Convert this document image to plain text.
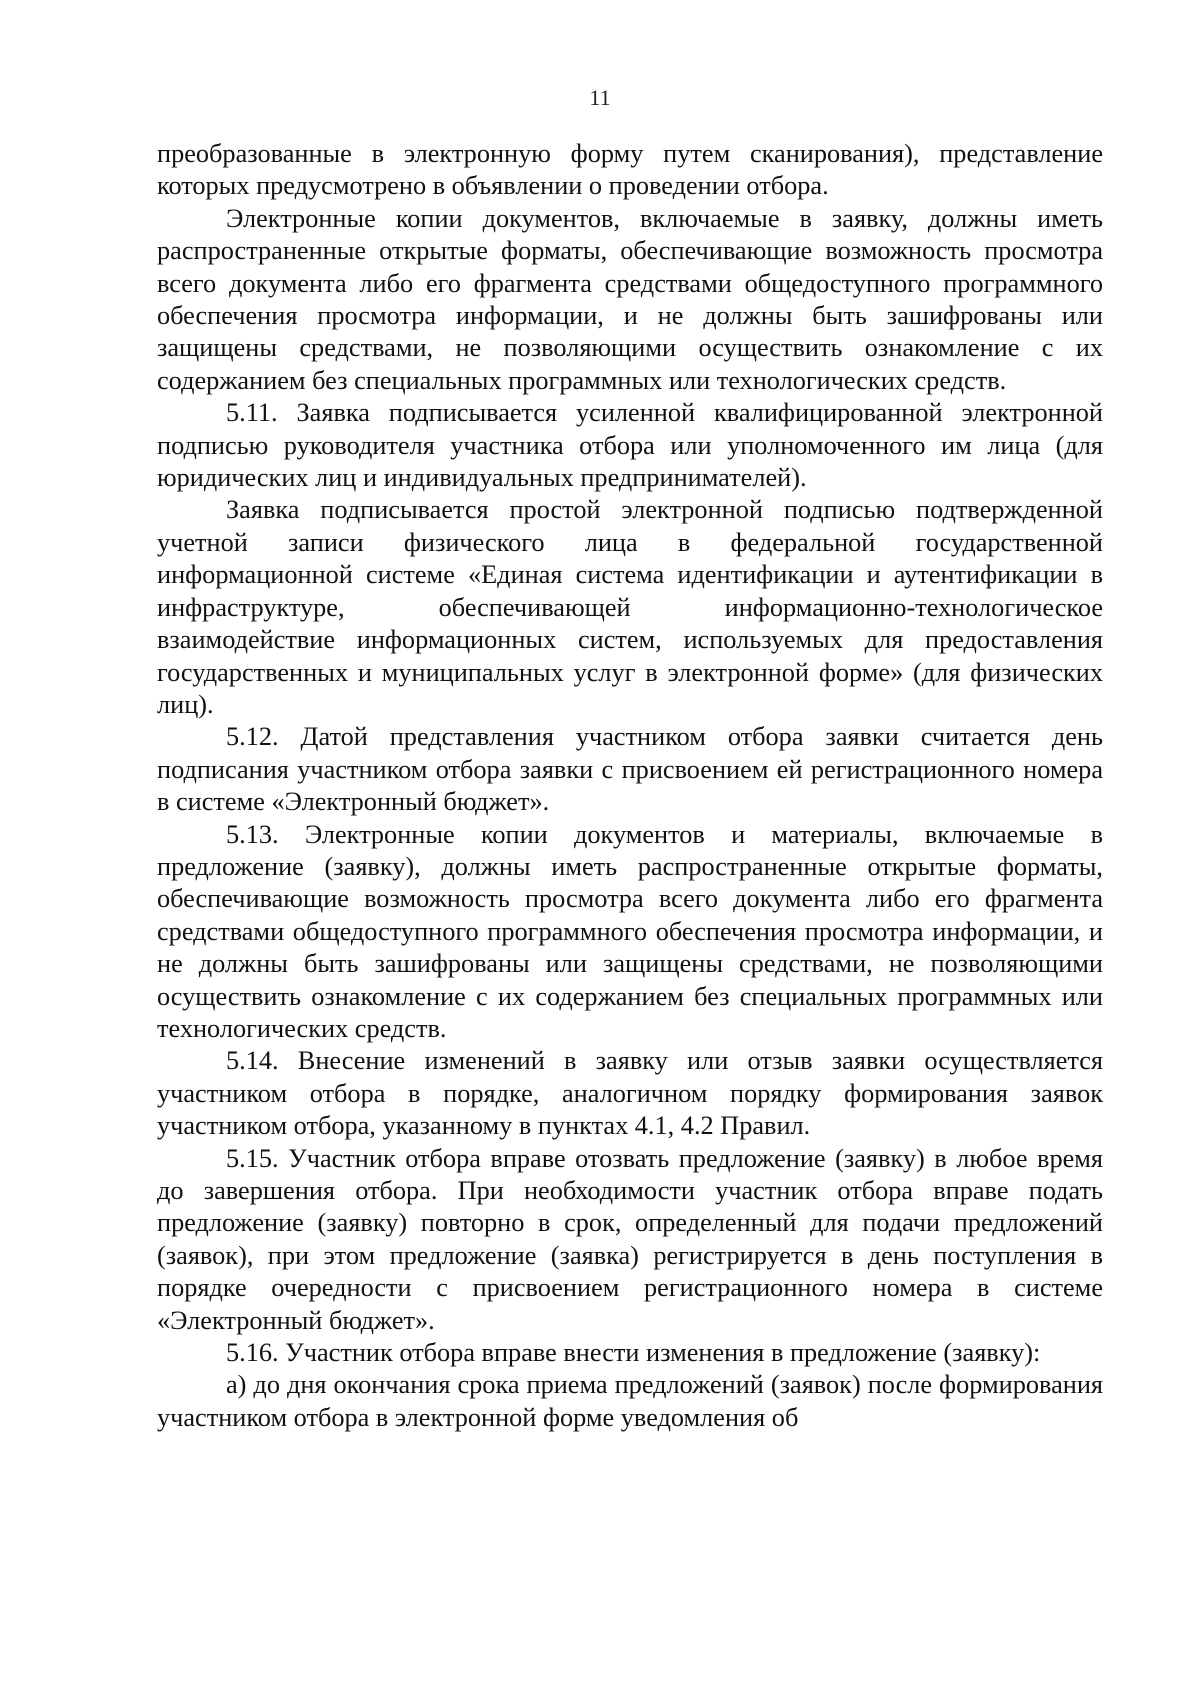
11

преобразованные в электронную форму путем сканирования), представление которых предусмотрено в объявлении о проведении отбора.

Электронные копии документов, включаемые в заявку, должны иметь распространенные открытые форматы, обеспечивающие возможность просмотра всего документа либо его фрагмента средствами общедоступного программного обеспечения просмотра информации, и не должны быть зашифрованы или защищены средствами, не позволяющими осуществить ознакомление с их содержанием без специальных программных или технологических средств.

5.11. Заявка подписывается усиленной квалифицированной электронной подписью руководителя участника отбора или уполномоченного им лица (для юридических лиц и индивидуальных предпринимателей).

Заявка подписывается простой электронной подписью подтвержденной учетной записи физического лица в федеральной государственной информационной системе «Единая система идентификации и аутентификации в инфраструктуре, обеспечивающей информационно-технологическое взаимодействие информационных систем, используемых для предоставления государственных и муниципальных услуг в электронной форме» (для физических лиц).

5.12. Датой представления участником отбора заявки считается день подписания участником отбора заявки с присвоением ей регистрационного номера в системе «Электронный бюджет».

5.13. Электронные копии документов и материалы, включаемые в предложение (заявку), должны иметь распространенные открытые форматы, обеспечивающие возможность просмотра всего документа либо его фрагмента средствами общедоступного программного обеспечения просмотра информации, и не должны быть зашифрованы или защищены средствами, не позволяющими осуществить ознакомление с их содержанием без специальных программных или технологических средств.

5.14. Внесение изменений в заявку или отзыв заявки осуществляется участником отбора в порядке, аналогичном порядку формирования заявок участником отбора, указанному в пунктах 4.1, 4.2 Правил.

5.15. Участник отбора вправе отозвать предложение (заявку) в любое время до завершения отбора. При необходимости участник отбора вправе подать предложение (заявку) повторно в срок, определенный для подачи предложений (заявок), при этом предложение (заявка) регистрируется в день поступления в порядке очередности с присвоением регистрационного номера в системе «Электронный бюджет».

5.16. Участник отбора вправе внести изменения в предложение (заявку):

а) до дня окончания срока приема предложений (заявок) после формирования участником отбора в электронной форме уведомления об
